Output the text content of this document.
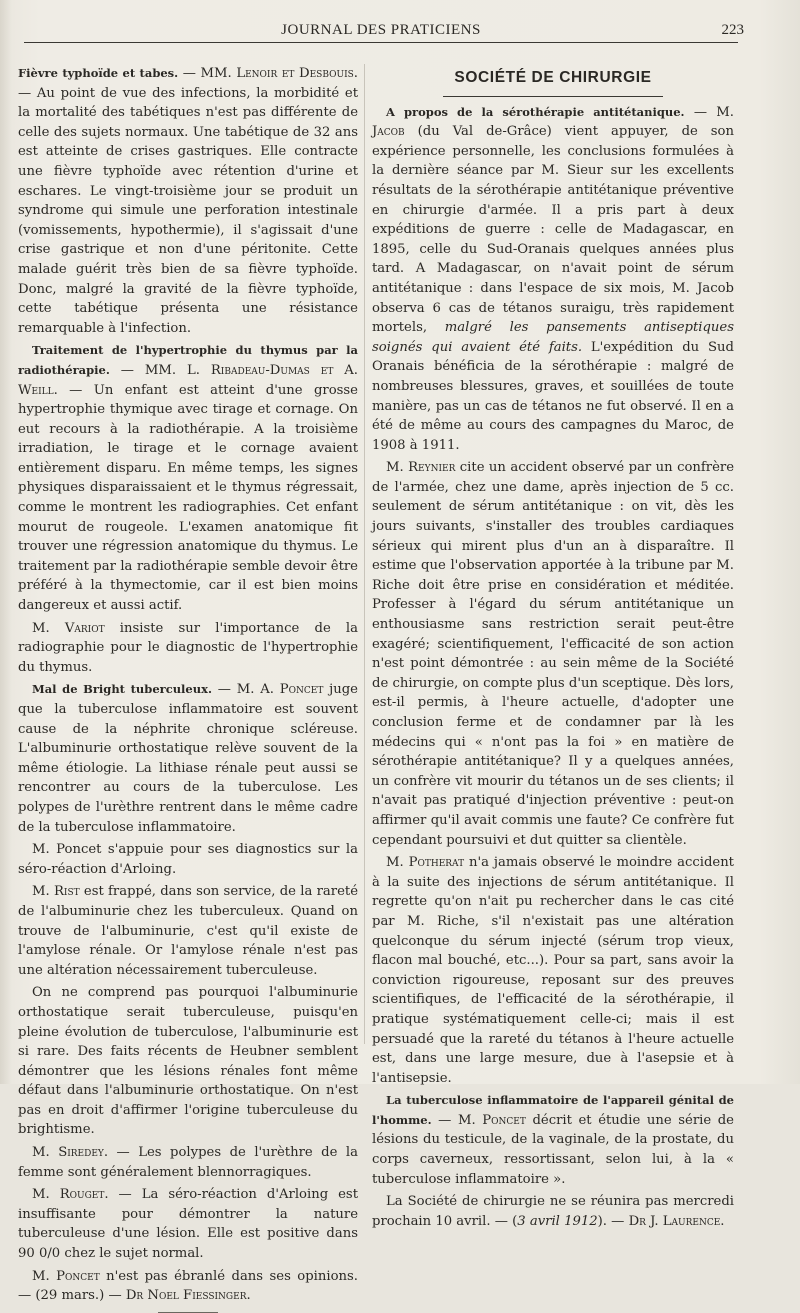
JOURNAL DES PRATICIENS	223

Fièvre typhoïde et tabes. — MM. Lenoir et Desbouis. — Au point de vue des infections, la morbidité et la mortalité des tabétiques n'est pas différente de celle des sujets normaux. Une tabétique de 32 ans est atteinte de crises gastriques. Elle contracte une fièvre typhoïde avec rétention d'urine et eschares. Le vingt-troisième jour se produit un syndrome qui simule une perforation intestinale (vomissements, hypothermie), il s'agissait d'une crise gastrique et non d'une péritonite. Cette malade guérit très bien de sa fièvre typhoïde. Donc, malgré la gravité de la fièvre typhoïde, cette tabétique présenta une résistance remarquable à l'infection.

Traitement de l'hypertrophie du thymus par la radiothérapie. — MM. L. Ribadeau-Dumas et A. Weill. — Un enfant est atteint d'une grosse hypertrophie thymique avec tirage et cornage. On eut recours à la radiothérapie. A la troisième irradiation, le tirage et le cornage avaient entièrement disparu. En même temps, les signes physiques disparaissaient et le thymus régressait, comme le montrent les radiographies. Cet enfant mourut de rougeole. L'examen anatomique fit trouver une régression anatomique du thymus. Le traitement par la radiothérapie semble devoir être préféré à la thymectomie, car il est bien moins dangereux et aussi actif.

M. Variot insiste sur l'importance de la radiographie pour le diagnostic de l'hypertrophie du thymus.

Mal de Bright tuberculeux. — M. A. Poncet juge que la tuberculose inflammatoire est souvent cause de la néphrite chronique scléreuse. L'albuminurie orthostatique relève souvent de la même étiologie. La lithiase rénale peut aussi se rencontrer au cours de la tuberculose. Les polypes de l'urèthre rentrent dans le même cadre de la tuberculose inflammatoire.

M. Poncet s'appuie pour ses diagnostics sur la séro-réaction d'Arloing.

M. Rist est frappé, dans son service, de la rareté de l'albuminurie chez les tuberculeux. Quand on trouve de l'albuminurie, c'est qu'il existe de l'amylose rénale. Or l'amylose rénale n'est pas une altération nécessairement tuberculeuse.

On ne comprend pas pourquoi l'albuminurie orthostatique serait tuberculeuse, puisqu'en pleine évolution de tuberculose, l'albuminurie est si rare. Des faits récents de Heubner semblent démontrer que les lésions rénales font même défaut dans l'albuminurie orthostatique. On n'est pas en droit d'affirmer l'origine tuberculeuse du brightisme.

M. Siredey. — Les polypes de l'urèthre de la femme sont généralement blennorragiques.

M. Rouget. — La séro-réaction d'Arloing est insuffisante pour démontrer la nature tuberculeuse d'une lésion. Elle est positive dans 90 0/0 chez le sujet normal.

M. Poncet n'est pas ébranlé dans ses opinions. — (29 mars.) — Dr Noel Fiessinger.

SOCIÉTÉ DE CHIRURGIE

A propos de la sérothérapie antitétanique. — M. Jacob (du Val de-Grâce) vient appuyer, de son expérience personnelle, les conclusions formulées à la dernière séance par M. Sieur sur les excellents résultats de la sérothérapie antitétanique préventive en chirurgie d'armée. Il a pris part à deux expéditions de guerre : celle de Madagascar, en 1895, celle du Sud-Oranais quelques années plus tard. A Madagascar, on n'avait point de sérum antitétanique : dans l'espace de six mois, M. Jacob observa 6 cas de tétanos suraigu, très rapidement mortels, malgré les pansements antiseptiques soignés qui avaient été faits. L'expédition du Sud Oranais bénéficia de la sérothérapie : malgré de nombreuses blessures, graves, et souillées de toute manière, pas un cas de tétanos ne fut observé. Il en a été de même au cours des campagnes du Maroc, de 1908 à 1911.

M. Reynier cite un accident observé par un confrère de l'armée, chez une dame, après injection de 5 cc. seulement de sérum antitétanique : on vit, dès les jours suivants, s'installer des troubles cardiaques sérieux qui mirent plus d'un an à disparaître. Il estime que l'observation apportée à la tribune par M. Riche doit être prise en considération et méditée. Professer à l'égard du sérum antitétanique un enthousiasme sans restriction serait peut-être exagéré; scientifiquement, l'efficacité de son action n'est point démontrée : au sein même de la Société de chirurgie, on compte plus d'un sceptique. Dès lors, est-il permis, à l'heure actuelle, d'adopter une conclusion ferme et de condamner par là les médecins qui « n'ont pas la foi » en matière de sérothérapie antitétanique? Il y a quelques années, un confrère vit mourir du tétanos un de ses clients; il n'avait pas pratiqué d'injection préventive : peut-on affirmer qu'il avait commis une faute? Ce confrère fut cependant poursuivi et dut quitter sa clientèle.

M. Potherat n'a jamais observé le moindre accident à la suite des injections de sérum antitétanique. Il regrette qu'on n'ait pu rechercher dans le cas cité par M. Riche, s'il n'existait pas une altération quelconque du sérum injecté (sérum trop vieux, flacon mal bouché, etc...). Pour sa part, sans avoir la conviction rigoureuse, reposant sur des preuves scientifiques, de l'efficacité de la sérothérapie, il pratique systématiquement celle-ci; mais il est persuadé que la rareté du tétanos à l'heure actuelle est, dans une large mesure, due à l'asepsie et à l'antisepsie.

La tuberculose inflammatoire de l'appareil génital de l'homme. — M. Poncet décrit et étudie une série de lésions du testicule, de la vaginale, de la prostate, du corps caverneux, ressortissant, selon lui, à la « tuberculose inflammatoire ».

La Société de chirurgie ne se réunira pas mercredi prochain 10 avril. — (3 avril 1912). — Dr J. Laurence.
